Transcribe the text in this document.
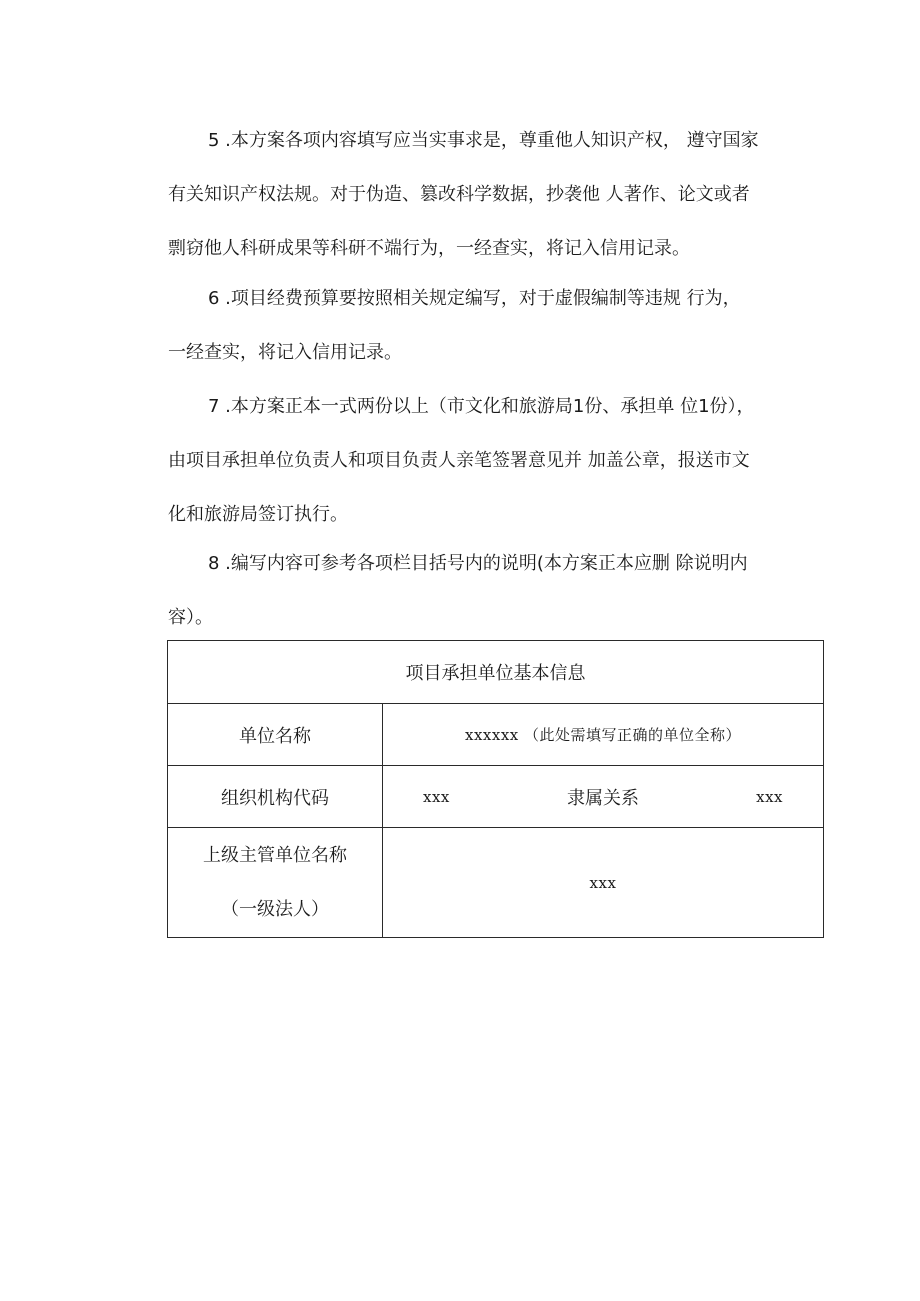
5 .本方案各项内容填写应当实事求是，尊重他人知识产权， 遵守国家
有关知识产权法规。对于伪造、篡改科学数据，抄袭他 人著作、论文或者
剽窃他人科研成果等科研不端行为，一经查实，将记入信用记录。
6 .项目经费预算要按照相关规定编写，对于虚假编制等违规 行为，
一经查实，将记入信用记录。
7 .本方案正本一式两份以上（市文化和旅游局1份、承担单 位1份），
由项目承担单位负责人和项目负责人亲笔签署意见并 加盖公章，报送市文
化和旅游局签订执行。
8 .编写内容可参考各项栏目括号内的说明(本方案正本应删 除说明内
容）。
项目承担单位基本信息	
单位名称	xxxxxx （此处需填写正确的单位全称）
组织机构代码	xxx 隶属关系 xxx

上级主管单位名称
（一级法人）	xxx
